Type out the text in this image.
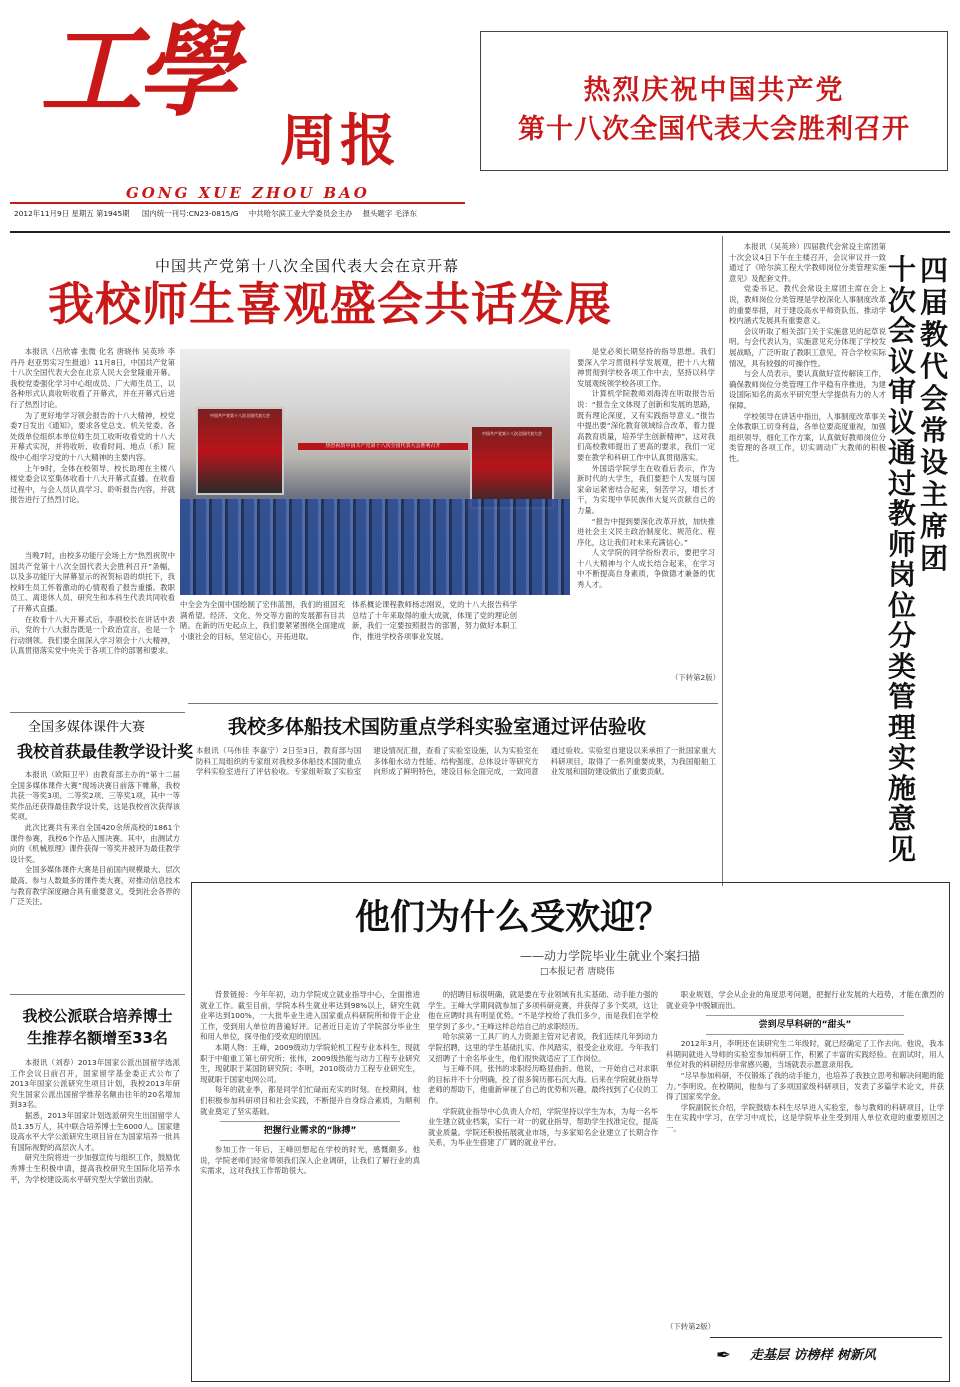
工學
周报
GONG XUE ZHOU BAO
2012年11月9日 星期五 第1945期 国内统一刊号:CN23-0815/G 中共哈尔滨工业大学委员会主办 报头题字 毛泽东
热烈庆祝中国共产党
第十八次全国代表大会胜利召开
中国共产党第十八次全国代表大会在京开幕
我校师生喜观盛会共话发展

本报讯（吕欣睿 张微 化名 唐晓伟 吴英珍 李丹丹 赵亚男实习生报道）11月8日，中国共产党第十八次全国代表大会在北京人民大会堂隆重开幕。我校党委强化学习中心组成员、广大师生员工，以各种形式认真收听收看了开幕式，并在开幕式后进行了热烈讨论。

为了更好地学习领会报告的十八大精神，校党委7日发出《通知》，要求各党总支、机关党委、各处级单位组织本单位师生员工收听收看党的十八大开幕式实况，并将收听、收看时间、地点（系）院级中心组学习党的十八大精神的主要内容。

上午9时，全体在校领导、校长助理在主楼八楼党委会议室集体收看十八大开幕式直播。在收看过程中，与会人员认真学习、聆听报告内容，并就报告进行了热烈讨论。

当晚7时，由校多功能厅会场上方“热烈祝贺中国共产党第十八次全国代表大会胜利召开”条幅，以及多功能厅大屏幕显示的祝贺标语的烘托下，我校师生员工怀着激动的心情观看了报告重播。教职员工、离退休人员、研究生和本科生代表共同收看了开幕式直播。

在收看十八大开幕式后，李副校长在讲话中表示，党的十八大报告既是一个政治宣言，也是一个行动纲领。我们要全面深入学习领会十八大精神，认真贯彻落实党中央关于各项工作的部署和要求。

热烈祝贺中国共产党第十八次全国代表大会胜利召开
中国共产党第十八次全国代表大会
中国共产党第十八次全国代表大会
中全会为全面中国绘制了宏伟蓝图，我们的祖国充满希望。经济、文化、外交等方面的发展都有目共睹。在新的历史起点上，我们要紧紧围绕全面建成小康社会的目标，坚定信心，开拓进取。
体系概论课程教师杨志刚说，党的十八大报告科学总结了十年来取得的重大成就，体现了党的理论创新，我们一定要按照报告的部署，努力做好本职工作，推进学校各项事业发展。

是党必须长期坚持的指导思想。我们要深入学习贯彻科学发展观，把十八大精神贯彻到学校各项工作中去，坚持以科学发展观统领学校各项工作。

计算机学院教师刘海涛在听取报告后说：“报告全文体现了创新和发展的思路，既有理论深度，又有实践指导意义。”报告中提出要“深化教育领域综合改革，着力提高教育质量，培养学生创新精神”，这对我们高校教师提出了更高的要求，我们一定要在教学和科研工作中认真贯彻落实。

外国语学院学生在收看后表示，作为新时代的大学生，我们要把个人发展与国家命运紧密结合起来，刻苦学习，增长才干，为实现中华民族伟大复兴贡献自己的力量。

“报告中提到要深化改革开放，加快推进社会主义民主政治制度化、规范化、程序化，这让我们对未来充满信心。”

人文学院的同学纷纷表示，要把学习十八大精神与个人成长结合起来，在学习中不断提高自身素质，争做德才兼备的优秀人才。

（下转第2版）

本报讯（吴英珍）四届教代会常设主席团第十次会议4日下午在主楼召开，会议审议并一致通过了《哈尔滨工程大学教师岗位分类管理实施意见》及配套文件。

党委书记、教代会常设主席团主席在会上说，教师岗位分类管理是学校深化人事制度改革的重要举措，对于建设高水平师资队伍、推动学校内涵式发展具有重要意义。

会议听取了相关部门关于实施意见的起草说明。与会代表认为，实施意见充分体现了学校发展战略，广泛听取了教职工意见，符合学校实际情况，具有较强的可操作性。

与会人员表示，要认真做好宣传解读工作，确保教师岗位分类管理工作平稳有序推进，为建设国际知名的高水平研究型大学提供有力的人才保障。

学校领导在讲话中指出，人事制度改革事关全体教职工切身利益，各单位要高度重视，加强组织领导，细化工作方案，认真做好教师岗位分类管理的各项工作，切实调动广大教师的积极性。

四届教代会常设主席团
十次会议审议通过教师岗位分类管理实施意见
全国多媒体课件大赛
我校首获最佳教学设计奖

本报讯（欧阳卫平）由教育部主办的“第十二届全国多媒体课件大赛”现场决赛日前落下帷幕，我校共获一等奖3项、二等奖2项、三等奖1项，其中一等奖作品还获得最佳教学设计奖，这是我校首次获得该奖项。

此次比赛共有来自全国420余所高校的1861个课件参赛，我校6个作品入围决赛。其中，由测试方向的《机械原理》课件获得一等奖并被评为最佳教学设计奖。

全国多媒体课件大赛是目前国内规模最大、层次最高、参与人数最多的课件类大赛，对推动信息技术与教育教学深度融合具有重要意义，受到社会各界的广泛关注。

我校多体船技术国防重点学科实验室通过评估验收
本报讯（马伟佳 李嘉宁）2日至3日，教育部与国防科工局组织的专家组对我校多体船技术国防重点学科实验室进行了评估验收。专家组听取了实验室建设情况汇报，查看了实验室设施，认为实验室在多体船水动力性能、结构强度、总体设计等研究方向形成了鲜明特色，建设目标全面完成，一致同意通过验收。实验室自建设以来承担了一批国家重大科研项目，取得了一系列重要成果，为我国船舶工业发展和国防建设做出了重要贡献。
我校公派联合培养博士
生推荐名额增至33名

本报讯（刘春）2013年国家公派出国留学选派工作会议日前召开，国家留学基金委正式公布了2013年国家公派研究生项目计划，我校2013年研究生国家公派出国留学推荐名额由往年的20名增加到33名。

据悉，2013年国家计划选派研究生出国留学人员1.35万人，其中联合培养博士生6000人。国家建设高水平大学公派研究生项目旨在为国家培养一批具有国际视野的高层次人才。

研究生院将进一步加强宣传与组织工作，鼓励优秀博士生积极申请，提高我校研究生国际化培养水平，为学校建设高水平研究型大学做出贡献。

他们为什么受欢迎？
——动力学院毕业生就业个案扫描
□本报记者 唐晓伟

背景链接：今年年初，动力学院成立就业指导中心，全面推进就业工作。截至目前，学院本科生就业率达到98%以上，研究生就业率达到100%，一大批毕业生进入国家重点科研院所和骨干企业工作，受到用人单位的普遍好评。记者近日走访了学院部分毕业生和用人单位，探寻他们受欢迎的原因。

本期人物：王峰，2009级动力学院轮机工程专业本科生，现就职于中船重工第七研究所；张伟，2009级热能与动力工程专业研究生，现就职于某国防研究院；李明，2010级动力工程专业研究生，现就职于国家电网公司。

每年的就业季，都是同学们忙碌而充实的时刻。在校期间，他们积极参加科研项目和社会实践，不断提升自身综合素质，为顺利就业奠定了坚实基础。

把握行业需求的“脉搏”

参加工作一年后，王峰回想起在学校的时光，感慨颇多。他说，学院老师们经常带领我们深入企业调研，让我们了解行业的真实需求，这对我找工作帮助很大。

的招聘目标很明确，就是要在专业领域有扎实基础、动手能力强的学生。王峰大学期间就参加了多项科研竞赛，并获得了多个奖项，这让他在应聘时具有明显优势。“不是学校给了我们多少，而是我们在学校里学到了多少。”王峰这样总结自己的求职经历。

哈尔滨第一工具厂的人力资源主管对记者说，我们连续几年到动力学院招聘，这里的学生基础扎实、作风踏实，很受企业欢迎。今年我们又招聘了十余名毕业生，他们很快就适应了工作岗位。

与王峰不同，张伟的求职经历略显曲折。他说，一开始自己对求职的目标并不十分明确，投了很多简历都石沉大海。后来在学院就业指导老师的帮助下，他重新审视了自己的优势和兴趣，最终找到了心仪的工作。

学院就业指导中心负责人介绍，学院坚持以学生为本，为每一名毕业生建立就业档案，实行一对一的就业指导，帮助学生找准定位，提高就业质量。学院还积极拓展就业市场，与多家知名企业建立了长期合作关系，为毕业生搭建了广阔的就业平台。

职业规划，学会从企业的角度思考问题，把握行业发展的大趋势，才能在激烈的就业竞争中脱颖而出。

尝到尽早科研的“甜头”

2012年3月，李明还在读研究生二年级时，就已经确定了工作去向。他说，我本科期间就进入导师的实验室参加科研工作，积累了丰富的实践经验。在面试时，用人单位对我的科研经历非常感兴趣，当场就表示愿意录用我。

“尽早参加科研，不仅锻炼了我的动手能力，也培养了我独立思考和解决问题的能力。”李明说。在校期间，他参与了多项国家级科研项目，发表了多篇学术论文，并获得了国家奖学金。

学院副院长介绍，学院鼓励本科生尽早进入实验室，参与教师的科研项目，让学生在实践中学习，在学习中成长，这是学院毕业生受到用人单位欢迎的重要原因之一。

（下转第2版）
✒ 走基层 访榜样 树新风
